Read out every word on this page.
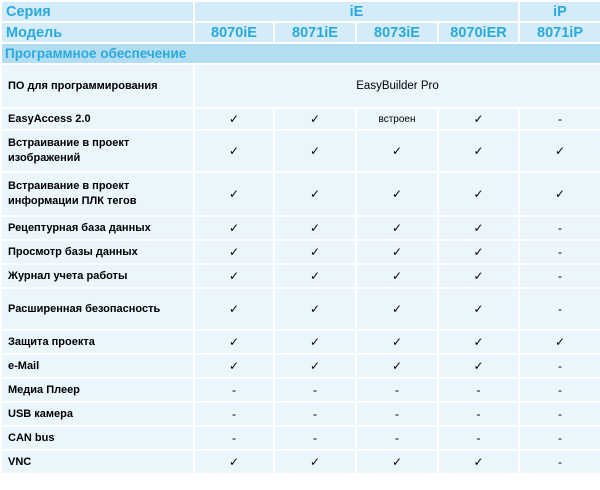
Серия	iE				iP
Модель	8070iE	8071iE	8073iE	8070iER	8071iP
Программное обеспечение					
ПО для программирования	EasyBuilder Pro				
EasyAccess 2.0	✓	✓	встроен	✓	-
Встраивание в проект изображений	✓	✓	✓	✓	✓
Встраивание в проект информации ПЛК тегов	✓	✓	✓	✓	✓
Рецептурная база данных	✓	✓	✓	✓	-
Просмотр базы данных	✓	✓	✓	✓	-
Журнал учета работы	✓	✓	✓	✓	-
Расширенная безопасность	✓	✓	✓	✓	-
Защита проекта	✓	✓	✓	✓	✓
e-Mail	✓	✓	✓	✓	-
Медиа Плеер	-	-	-	-	-
USB камера	-	-	-	-	-
CAN bus	-	-	-	-	-
VNC	✓	✓	✓	✓	-
